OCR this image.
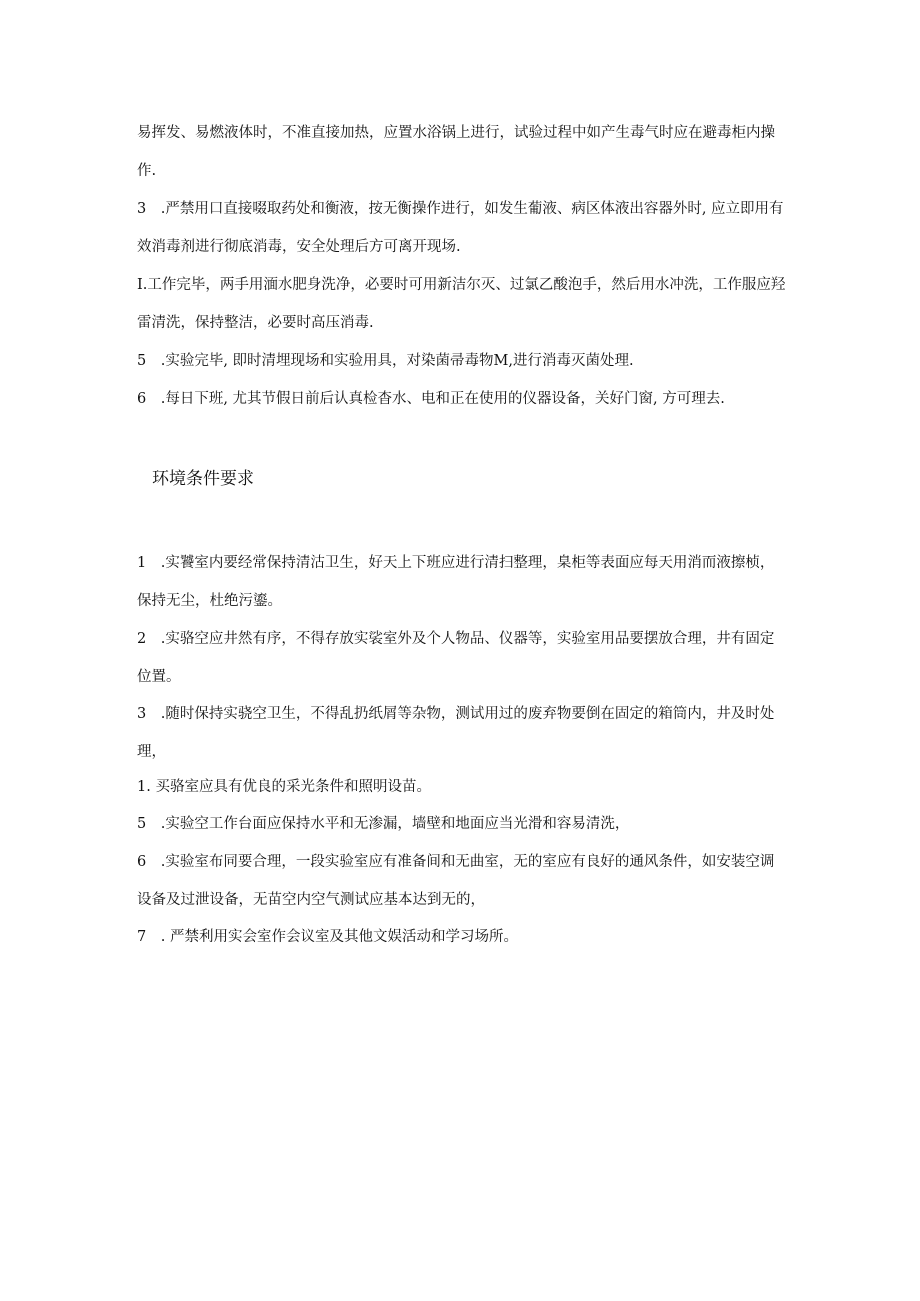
易挥发、易燃液体时，不准直接加热，应置水浴锅上进行，试验过程中如产生毒气时应在避毒柜内操作.

3　.严禁用口直接啜取药处和衡液，按无衡操作进行，如发生葡液、病区体液出容器外时, 应立即用有效消毒剂进行彻底消毒，安全处理后方可离开现场.

I.工作完毕，两手用湎水肥身洗净，必要时可用新洁尔灭、过氯乙酸泡手，然后用水冲洗，工作服应羟雷清洗，保持整洁，必要时高压消毒.

5　.实验完毕, 即时清埋现场和实验用具，对染菌帚毒物M,进行消毒灭菌处理.

6　.每日下班, 尤其节假日前后认真检杳水、电和正在使用的仪器设备，关好门窗, 方可理去.

环境条件要求

1　.实饕室内要经常保持清沽卫生，好天上下班应进行清扫整理，臬柜等表面应每天用消而液擦桢，保持无尘，杜绝污鎏。

2　.实骆空应井然有序，不得存放实裟室外及个人物品、仪器等，实验室用品要摆放合理，井有固定位置。

3　.随时保持实骁空卫生，不得乱扔纸屑等杂物，测试用过的废弃物要倒在固定的箱筒内，井及时处理，

1. 买骆室应具有优良的采光条件和照明设苗。

5　.实验空工作台面应保持水平和无渗漏，墙壁和地面应当光滑和容易清洗，

6　.实验室布同要合理，一段实验室应有准备间和无曲室，无的室应有良好的通风条件，如安装空调设备及过泄设备，无苗空内空气测试应基本达到无的，

7　. 严禁利用实会室作会议室及其他文娱活动和学习场所。
